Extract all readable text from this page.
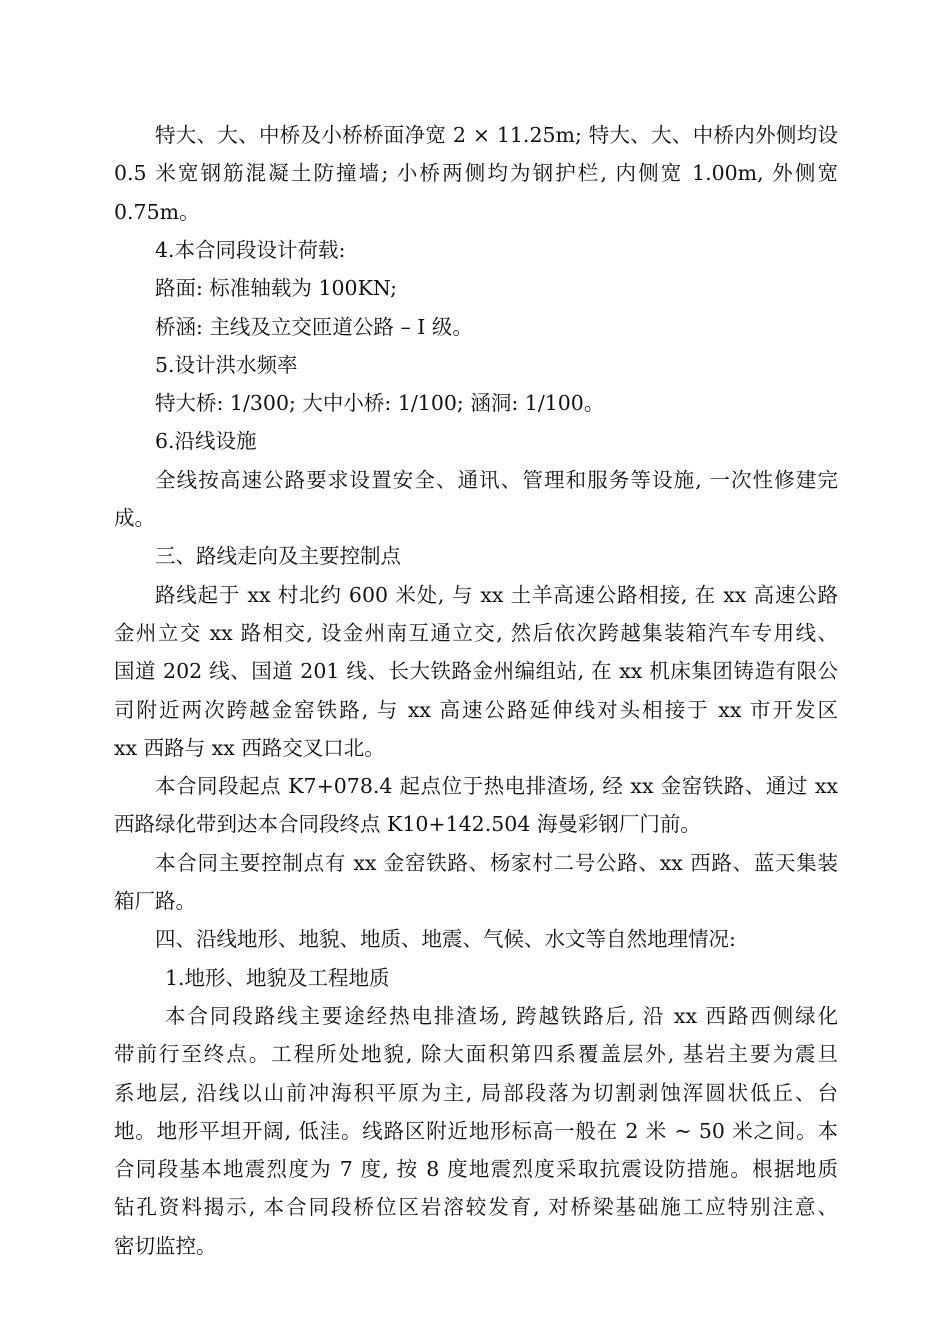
特大、大、中桥及小桥桥面净宽 2 × 11.25m; 特大、大、中桥内外侧均设
0.5 米宽钢筋混凝土防撞墙; 小桥两侧均为钢护栏, 内侧宽 1.00m, 外侧宽
0.75m。
4.本合同段设计荷载:
路面: 标准轴载为 100KN;
桥涵: 主线及立交匝道公路 – I 级。
5.设计洪水频率
特大桥: 1/300; 大中小桥: 1/100; 涵洞: 1/100。
6.沿线设施
全线按高速公路要求设置安全、通讯、管理和服务等设施, 一次性修建完
成。
三、路线走向及主要控制点
路线起于 xx 村北约 600 米处, 与 xx 土羊高速公路相接, 在 xx 高速公路
金州立交 xx 路相交, 设金州南互通立交, 然后依次跨越集装箱汽车专用线、
国道 202 线、国道 201 线、长大铁路金州编组站, 在 xx 机床集团铸造有限公
司附近两次跨越金窑铁路, 与 xx 高速公路延伸线对头相接于 xx 市开发区
xx 西路与 xx 西路交叉口北。
本合同段起点 K7+078.4 起点位于热电排渣场, 经 xx 金窑铁路、通过 xx
西路绿化带到达本合同段终点 K10+142.504 海曼彩钢厂门前。
本合同主要控制点有 xx 金窑铁路、杨家村二号公路、xx 西路、蓝天集装
箱厂路。
四、沿线地形、地貌、地质、地震、气候、水文等自然地理情况:
1.地形、地貌及工程地质
本合同段路线主要途经热电排渣场, 跨越铁路后, 沿 xx 西路西侧绿化
带前行至终点。工程所处地貌, 除大面积第四系覆盖层外, 基岩主要为震旦
系地层, 沿线以山前冲海积平原为主, 局部段落为切割剥蚀浑圆状低丘、台
地。地形平坦开阔, 低洼。线路区附近地形标高一般在 2 米 ~ 50 米之间。本
合同段基本地震烈度为 7 度, 按 8 度地震烈度采取抗震设防措施。根据地质
钻孔资料揭示, 本合同段桥位区岩溶较发育, 对桥梁基础施工应特别注意、
密切监控。
